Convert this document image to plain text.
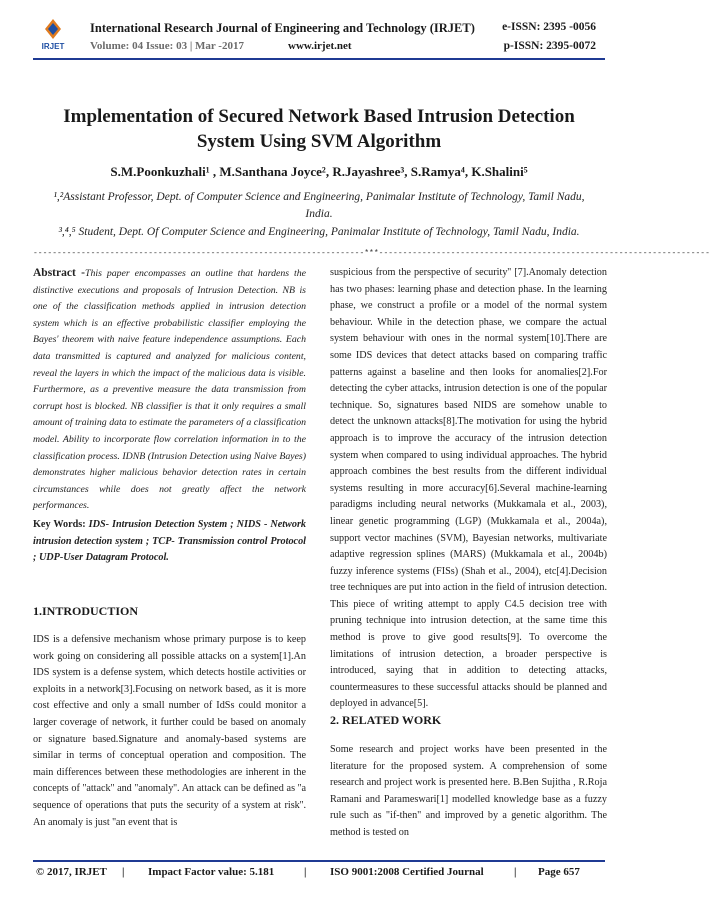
IRJET
International Research Journal of Engineering and Technology (IRJET) e-ISSN: 2395 -0056
Volume: 04 Issue: 03 | Mar -2017	www.irjet.net	p-ISSN: 2395-0072
Implementation of Secured Network Based Intrusion Detection System Using SVM Algorithm
S.M.Poonkuzhali¹ , M.Santhana Joyce², R.Jayashree³, S.Ramya⁴, K.Shalini⁵
¹,²Assistant Professor, Dept. of Computer Science and Engineering, Panimalar Institute of Technology, Tamil Nadu, India.
³,⁴,⁵ Student, Dept. Of Computer Science and Engineering, Panimalar Institute of Technology, Tamil Nadu, India.
---------------------------------------------------------------------***---------------------------------------------------------------------
Abstract -This paper encompasses an outline that hardens the distinctive executions and proposals of Intrusion Detection. NB is one of the classification methods applied in intrusion detection system which is an effective probabilistic classifier employing the Bayes' theorem with naive feature independence assumptions. Each data transmitted is captured and analyzed for malicious content, reveal the layers in which the impact of the malicious data is visible. Furthermore, as a preventive measure the data transmission from corrupt host is blocked. NB classifier is that it only requires a small amount of training data to estimate the parameters of a classification model. Ability to incorporate flow correlation information in to the classification process. IDNB (Intrusion Detection using Naive Bayes) demonstrates higher malicious behavior detection rates in certain circumstances while does not greatly affect the network performances.
Key Words: IDS- Intrusion Detection System ; NIDS - Network intrusion detection system ; TCP- Transmission control Protocol ; UDP-User Datagram Protocol.
1.INTRODUCTION
IDS is a defensive mechanism whose primary purpose is to keep work going on considering all possible attacks on a system[1].An IDS system is a defense system, which detects hostile activities or exploits in a network[3].Focusing on network based, as it is more cost effective and only a small number of IdSs could monitor a larger coverage of network, it further could be based on anomaly or signature based.Signature and anomaly-based systems are similar in terms of conceptual operation and composition. The main differences between these methodologies are inherent in the concepts of ''attack'' and ''anomaly''. An attack can be defined as ''a sequence of operations that puts the security of a system at risk''. An anomaly is just ''an event that is
suspicious from the perspective of security'' [7].Anomaly detection has two phases: learning phase and detection phase. In the learning phase, we construct a profile or a model of the normal system behaviour. While in the detection phase, we compare the actual system behaviour with ones in the normal system[10].There are some IDS devices that detect attacks based on comparing traffic patterns against a baseline and then looks for anomalies[2].For detecting the cyber attacks, intrusion detection is one of the popular technique. So, signatures based NIDS are somehow unable to detect the unknown attacks[8].The motivation for using the hybrid approach is to improve the accuracy of the intrusion detection system when compared to using individual approaches. The hybrid approach combines the best results from the different individual systems resulting in more accuracy[6].Several machine-learning paradigms including neural networks (Mukkamala et al., 2003), linear genetic programming (LGP) (Mukkamala et al., 2004a), support vector machines (SVM), Bayesian networks, multivariate adaptive regression splines (MARS) (Mukkamala et al., 2004b) fuzzy inference systems (FISs) (Shah et al., 2004), etc[4].Decision tree techniques are put into action in the field of intrusion detection. This piece of writing attempt to apply C4.5 decision tree with pruning technique into intrusion detection, at the same time this method is prove to give good results[9]. To overcome the limitations of intrusion detection, a broader perspective is introduced, saying that in addition to detecting attacks, countermeasures to these successful attacks should be planned and deployed in advance[5].
2. RELATED WORK
Some research and project works have been presented in the literature for the proposed system. A comprehension of some research and project work is presented here. B.Ben Sujitha , R.Roja Ramani and Parameswari[1] modelled knowledge base as a fuzzy rule such as "if-then" and improved by a genetic algorithm. The method is tested on
© 2017, IRJET | Impact Factor value: 5.181	| ISO 9001:2008 Certified Journal	| Page 657
